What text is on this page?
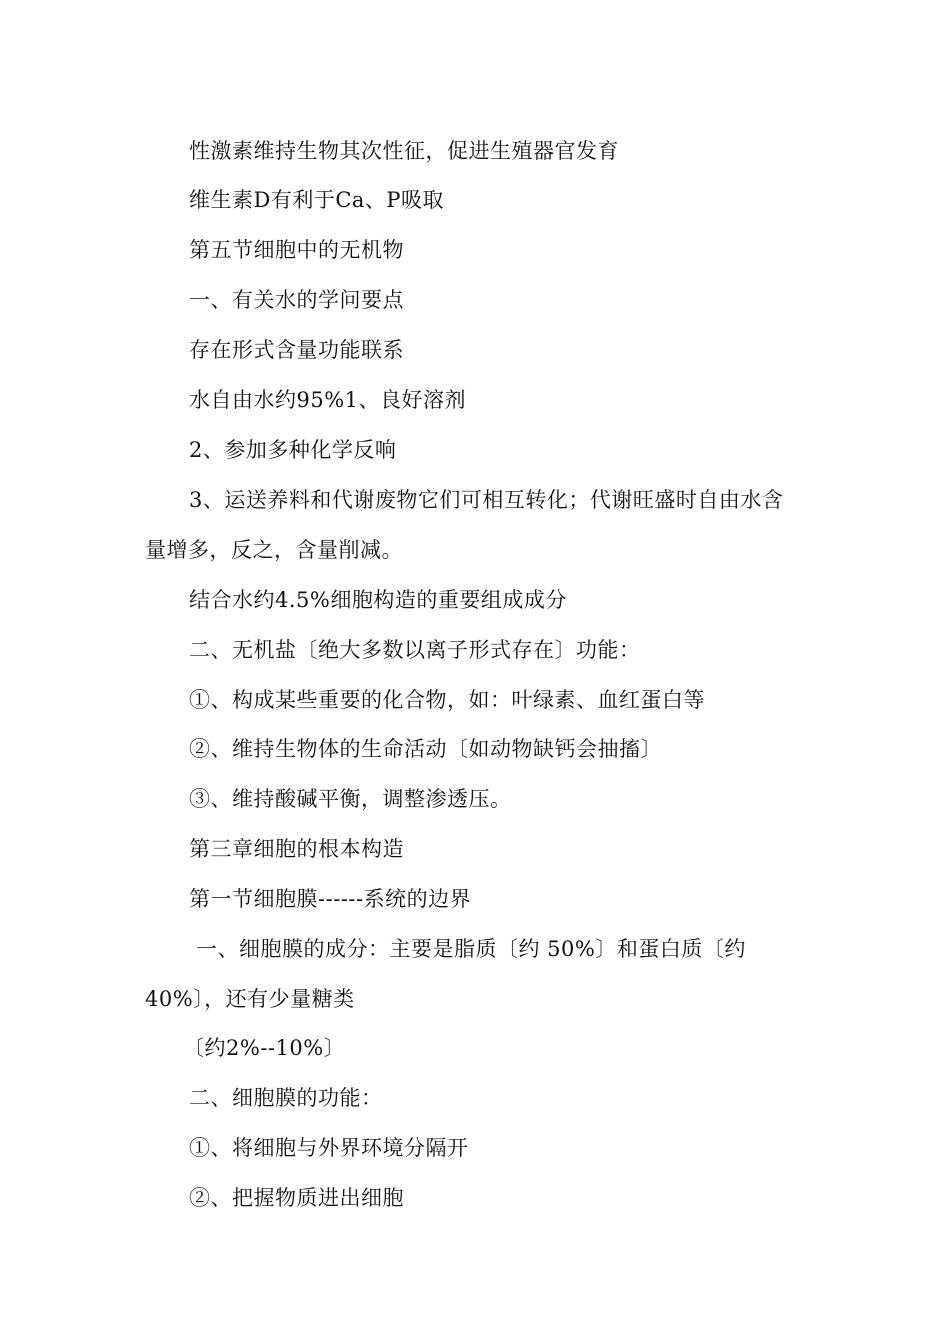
性激素维持生物其次性征，促进生殖器官发育
维生素D有利于Ca、P吸取
第五节细胞中的无机物
一、有关水的学问要点
存在形式含量功能联系
水自由水约95%1、良好溶剂
2、参加多种化学反响
3、运送养料和代谢废物它们可相互转化；代谢旺盛时自由水含
量增多，反之，含量削减。
结合水约4.5%细胞构造的重要组成成分
二、无机盐〔绝大多数以离子形式存在〕功能：
①、构成某些重要的化合物，如：叶绿素、血红蛋白等
②、维持生物体的生命活动〔如动物缺钙会抽搐〕
③、维持酸碱平衡，调整渗透压。
第三章细胞的根本构造
第一节细胞膜------系统的边界
一、细胞膜的成分：主要是脂质〔约 50%〕和蛋白质〔约
40%〕，还有少量糖类
〔约2%--10%〕
二、细胞膜的功能：
①、将细胞与外界环境分隔开
②、把握物质进出细胞
